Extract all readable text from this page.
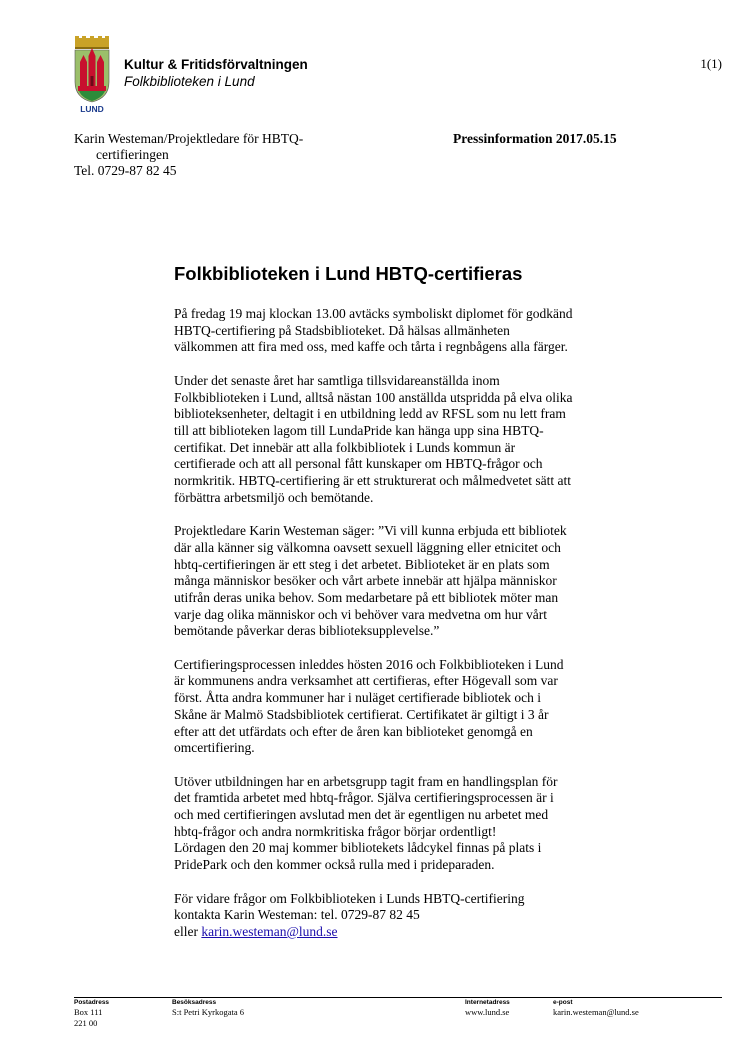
LUND
Kultur & Fritidsförvaltningen
Folkbiblioteken i Lund
1(1)
Karin Westeman/Projektledare för HBTQ-
certifieringen
Tel. 0729-87 82 45
Pressinformation 2017.05.15
Folkbiblioteken i Lund HBTQ-certifieras
På fredag 19 maj klockan 13.00 avtäcks symboliskt diplomet för godkänd
HBTQ-certifiering på Stadsbiblioteket. Då hälsas allmänheten
välkommen att fira med oss, med kaffe och tårta i regnbågens alla färger.
Under det senaste året har samtliga tillsvidareanställda inom
Folkbiblioteken i Lund, alltså nästan 100 anställda utspridda på elva olika
biblioteksenheter, deltagit i en utbildning ledd av RFSL som nu lett fram
till att biblioteken lagom till LundaPride kan hänga upp sina HBTQ-
certifikat. Det innebär att alla folkbibliotek i Lunds kommun är
certifierade och att all personal fått kunskaper om HBTQ-frågor och
normkritik. HBTQ-certifiering är ett strukturerat och målmedvetet sätt att
förbättra arbetsmiljö och bemötande.
Projektledare Karin Westeman säger: ”Vi vill kunna erbjuda ett bibliotek
där alla känner sig välkomna oavsett sexuell läggning eller etnicitet och
hbtq-certifieringen är ett steg i det arbetet. Biblioteket är en plats som
många människor besöker och vårt arbete innebär att hjälpa människor
utifrån deras unika behov. Som medarbetare på ett bibliotek möter man
varje dag olika människor och vi behöver vara medvetna om hur vårt
bemötande påverkar deras biblioteksupplevelse.”
Certifieringsprocessen inleddes hösten 2016 och Folkbiblioteken i Lund
är kommunens andra verksamhet att certifieras, efter Högevall som var
först. Åtta andra kommuner har i nuläget certifierade bibliotek och i
Skåne är Malmö Stadsbibliotek certifierat. Certifikatet är giltigt i 3 år
efter att det utfärdats och efter de åren kan biblioteket genomgå en
omcertifiering.
Utöver utbildningen har en arbetsgrupp tagit fram en handlingsplan för
det framtida arbetet med hbtq-frågor. Själva certifieringsprocessen är i
och med certifieringen avslutad men det är egentligen nu arbetet med
hbtq-frågor och andra normkritiska frågor börjar ordentligt!
Lördagen den 20 maj kommer bibliotekets lådcykel finnas på plats i
PridePark och den kommer också rulla med i prideparaden.
För vidare frågor om Folkbiblioteken i Lunds HBTQ-certifiering
kontakta Karin Westeman: tel. 0729-87 82 45
eller karin.westeman@lund.se
Postadress
Box 111
221 00
Besöksadress
S:t Petri Kyrkogata 6
Internetadress
www.lund.se
e-post
karin.westeman@lund.se
